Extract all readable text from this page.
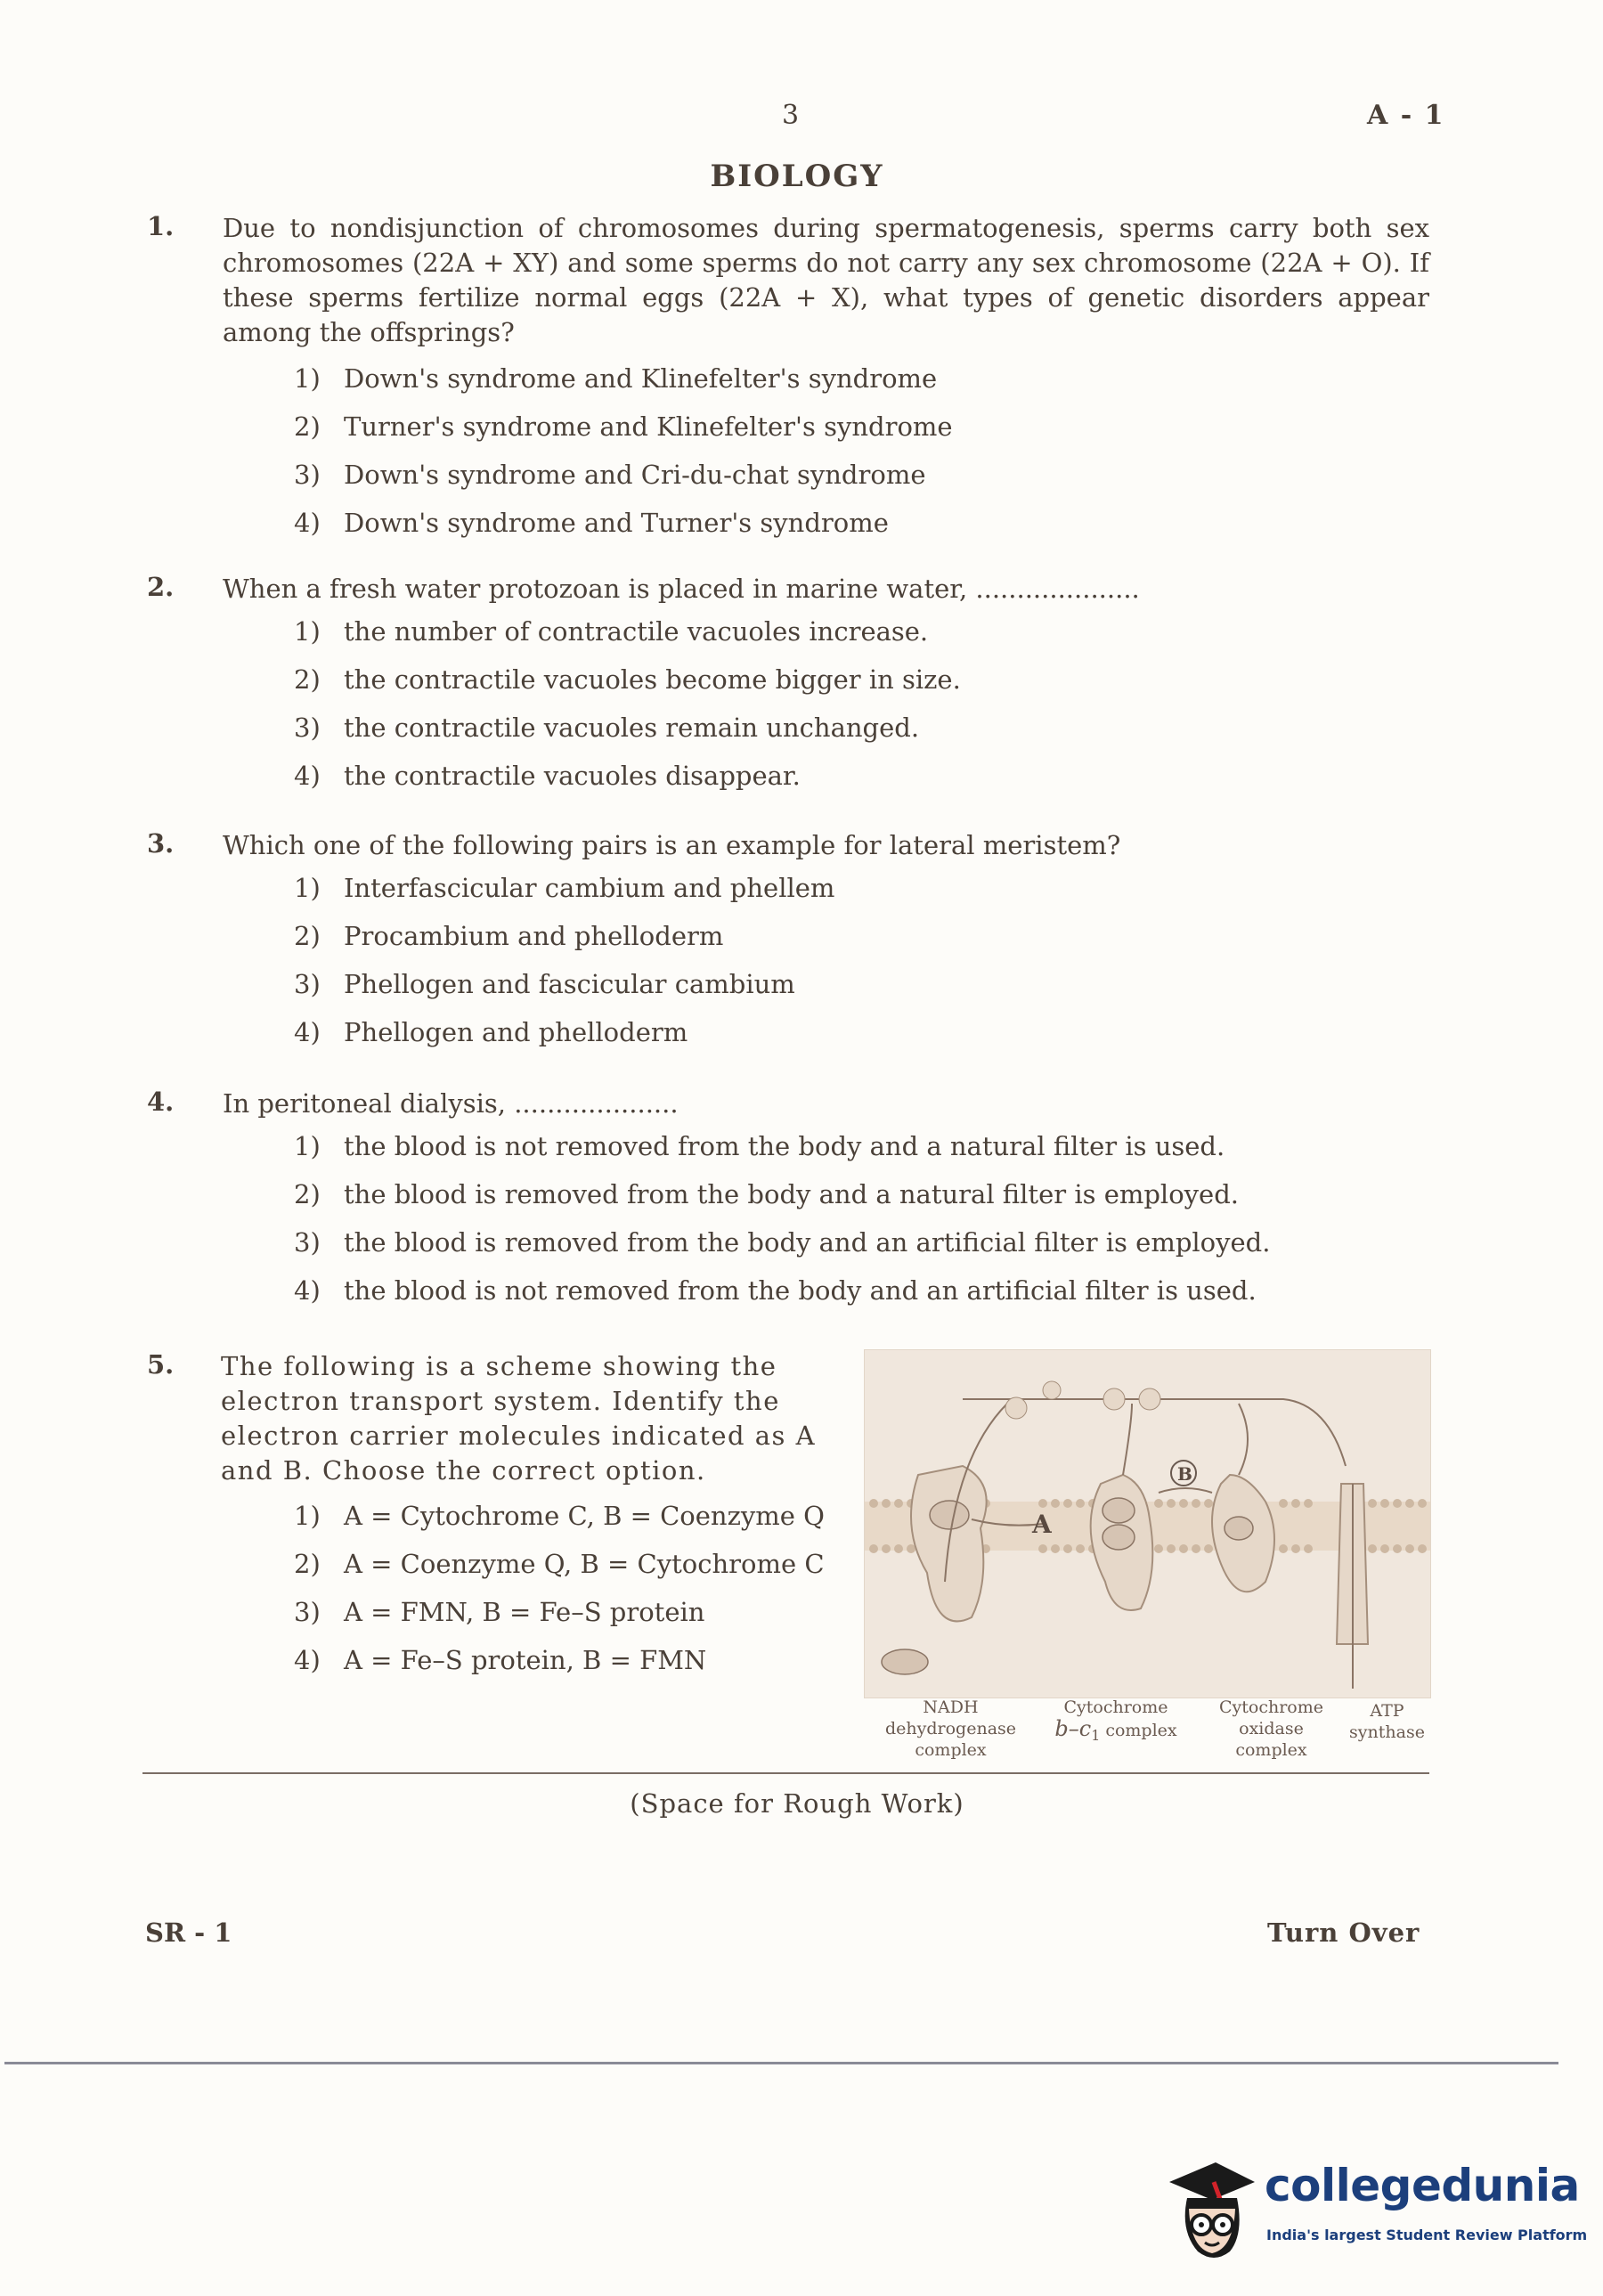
3	A - 1
BIOLOGY
1. Due to nondisjunction of chromosomes during spermatogenesis, sperms carry both sex chromosomes (22A + XY) and some sperms do not carry any sex chromosome (22A + O). If these sperms fertilize normal eggs (22A + X), what types of genetic disorders appear among the offsprings?
1) Down's syndrome and Klinefelter's syndrome
2) Turner's syndrome and Klinefelter's syndrome
3) Down's syndrome and Cri-du-chat syndrome
4) Down's syndrome and Turner's syndrome
2. When a fresh water protozoan is placed in marine water, ....................
1) the number of contractile vacuoles increase.
2) the contractile vacuoles become bigger in size.
3) the contractile vacuoles remain unchanged.
4) the contractile vacuoles disappear.
3. Which one of the following pairs is an example for lateral meristem?
1) Interfascicular cambium and phellem
2) Procambium and phelloderm
3) Phellogen and fascicular cambium
4) Phellogen and phelloderm
4. In peritoneal dialysis, ....................
1) the blood is not removed from the body and a natural filter is used.
2) the blood is removed from the body and a natural filter is employed.
3) the blood is removed from the body and an artificial filter is employed.
4) the blood is not removed from the body and an artificial filter is used.
5. The following is a scheme showing the electron transport system. Identify the electron carrier molecules indicated as A and B. Choose the correct option.
1) A = Cytochrome C, B = Coenzyme Q
2) A = Coenzyme Q, B = Cytochrome C
3) A = FMN, B = Fe–S protein
4) A = Fe–S protein, B = FMN
A
B
NADH dehydrogenase
complex
Cytochrome
$b-c_1$ complex
Cytochrome
oxidase
complex
ATP
synthase
(Space for Rough Work)
SR - 1	Turn Over
collegedunia
India's largest Student Review Platform
